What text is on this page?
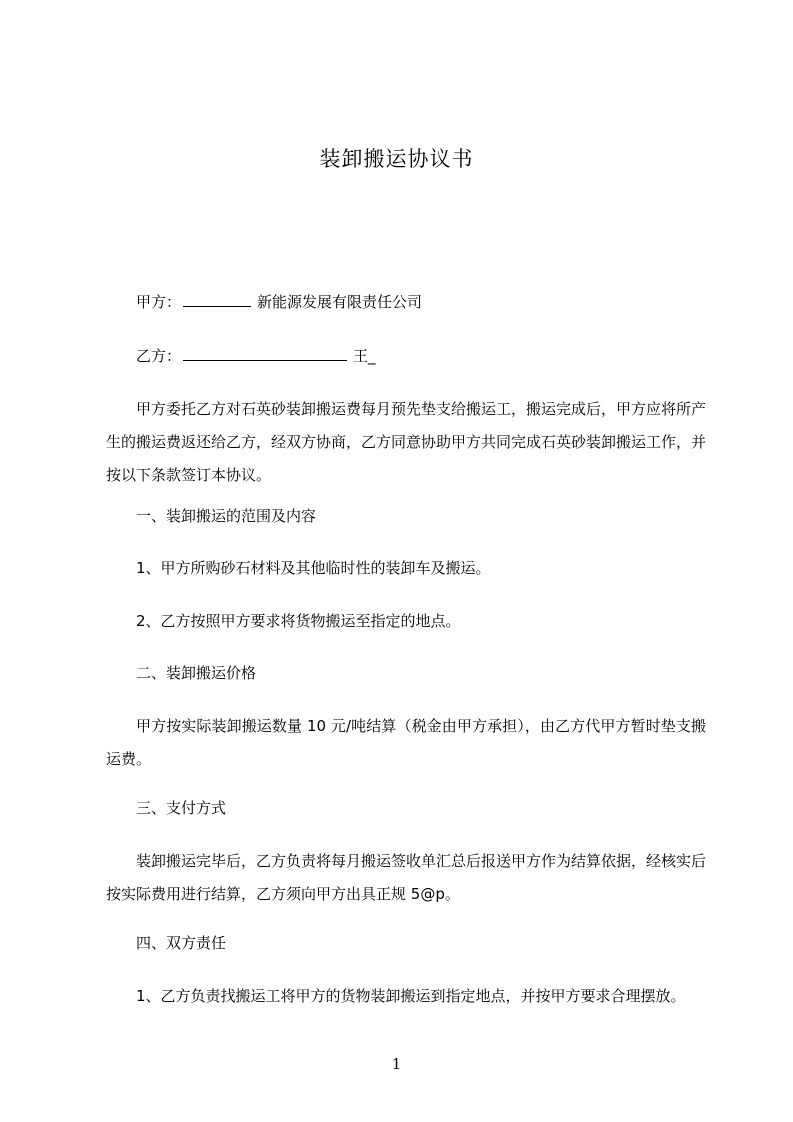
装卸搬运协议书
甲方：	新能源发展有限责任公司
乙方：	王_
甲方委托乙方对石英砂装卸搬运费每月预先垫支给搬运工，搬运完成后，甲方应将所产生的搬运费返还给乙方，经双方协商，乙方同意协助甲方共同完成石英砂装卸搬运工作，并按以下条款签订本协议。
一、装卸搬运的范围及内容
1、甲方所购砂石材料及其他临时性的装卸车及搬运。
2、乙方按照甲方要求将货物搬运至指定的地点。
二、装卸搬运价格
甲方按实际装卸搬运数量 10 元/吨结算（税金由甲方承担），由乙方代甲方暂时垫支搬运费。
三、支付方式
装卸搬运完毕后，乙方负责将每月搬运签收单汇总后报送甲方作为结算依据，经核实后按实际费用进行结算，乙方须向甲方出具正规 5@p。
四、双方责任
1、乙方负责找搬运工将甲方的货物装卸搬运到指定地点，并按甲方要求合理摆放。
1
